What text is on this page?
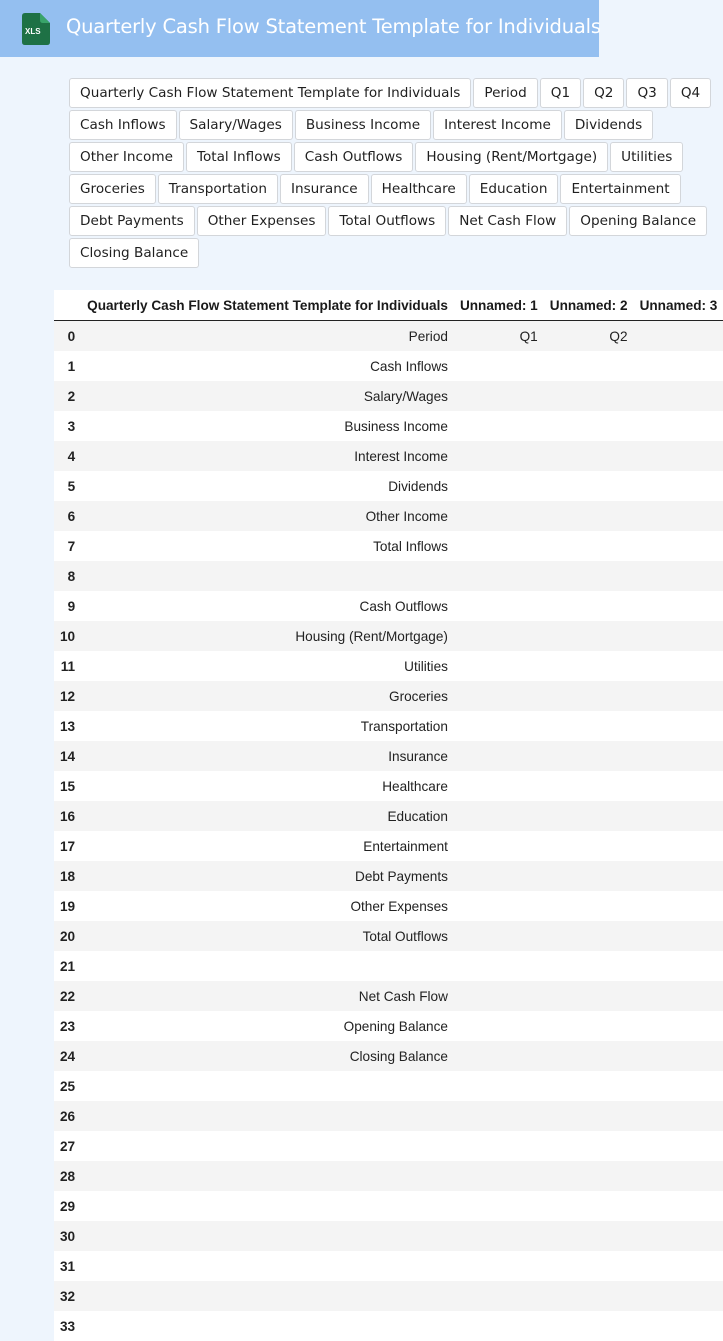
XLS Quarterly Cash Flow Statement Template for Individuals
Quarterly Cash Flow Statement Template for Individuals	Period	Q1	Q2	Q3	Q4
Cash Inflows	Salary/Wages	Business Income	Interest Income	Dividends
Other Income	Total Inflows	Cash Outflows	Housing (Rent/Mortgage)	Utilities
Groceries	Transportation	Insurance	Healthcare	Education	Entertainment
Debt Payments	Other Expenses	Total Outflows	Net Cash Flow	Opening Balance
Closing Balance
	Quarterly Cash Flow Statement Template for Individuals	Unnamed: 1	Unnamed: 2	Unnamed: 3
0	Period	Q1	Q2	
1	Cash Inflows			
2	Salary/Wages			
3	Business Income			
4	Interest Income			
5	Dividends			
6	Other Income			
7	Total Inflows			
8				
9	Cash Outflows			
10	Housing (Rent/Mortgage)			
11	Utilities			
12	Groceries			
13	Transportation			
14	Insurance			
15	Healthcare			
16	Education			
17	Entertainment			
18	Debt Payments			
19	Other Expenses			
20	Total Outflows			
21				
22	Net Cash Flow			
23	Opening Balance			
24	Closing Balance			
25				
26				
27				
28				
29				
30				
31				
32				
33				
